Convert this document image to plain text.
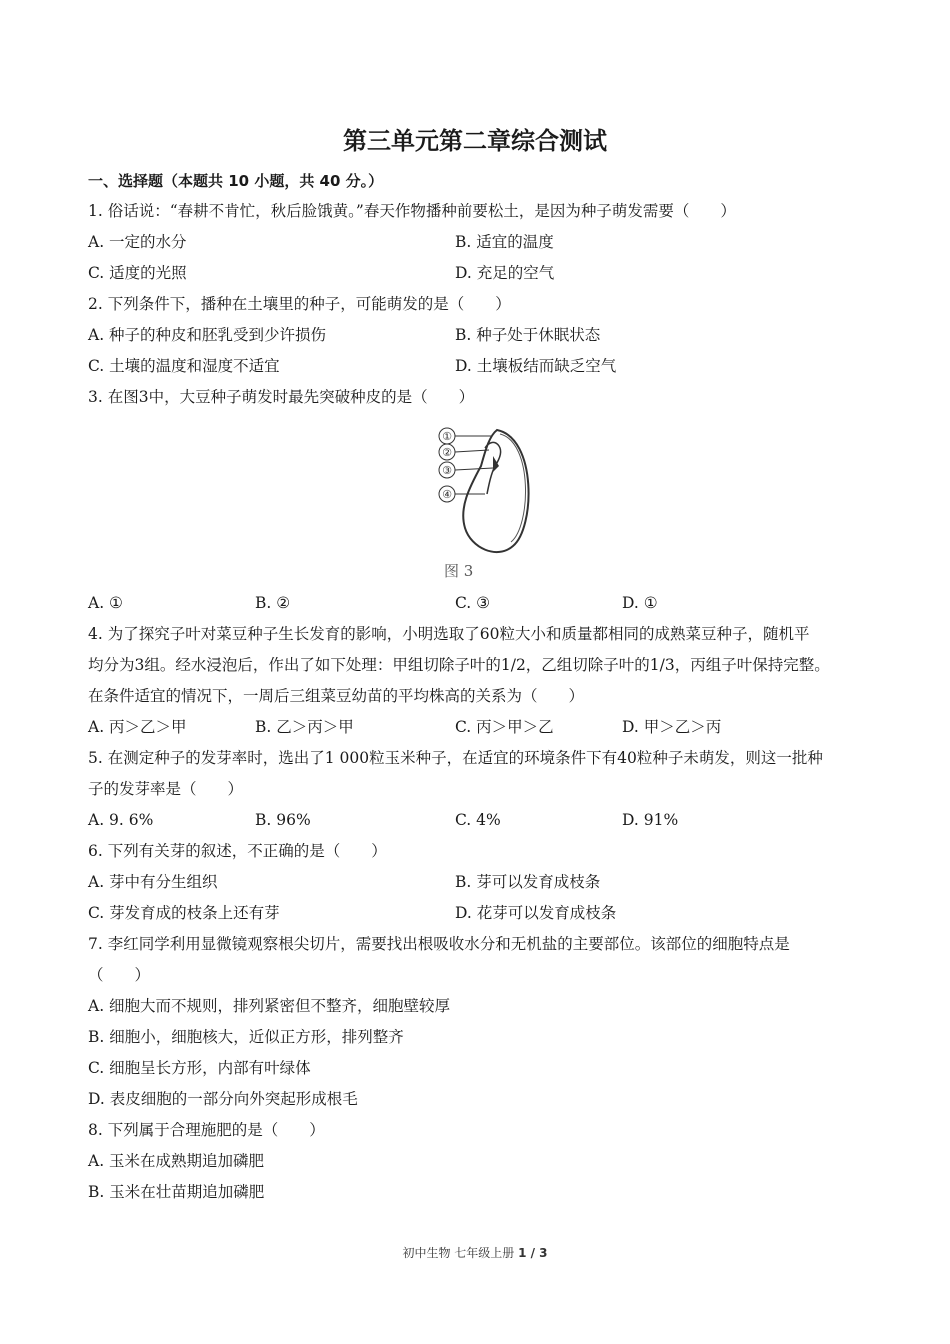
第三单元第二章综合测试
一、选择题（本题共 10 小题，共 40 分。）
1. 俗话说：“春耕不肯忙，秋后脸饿黄。”春天作物播种前要松土，是因为种子萌发需要（　　）
A. 一定的水分	B. 适宜的温度
C. 适度的光照	D. 充足的空气
2. 下列条件下，播种在土壤里的种子，可能萌发的是（　　）
A. 种子的种皮和胚乳受到少许损伤	B. 种子处于休眠状态
C. 土壤的温度和湿度不适宜	D. 土壤板结而缺乏空气
3. 在图3中，大豆种子萌发时最先突破种皮的是（　　）
①
②
③
④
图 3
A. ①	B. ②	C. ③	D. ①
4. 为了探究子叶对菜豆种子生长发育的影响，小明选取了60粒大小和质量都相同的成熟菜豆种子，随机平
均分为3组。经水浸泡后，作出了如下处理：甲组切除子叶的1/2，乙组切除子叶的1/3，丙组子叶保持完整。
在条件适宜的情况下，一周后三组菜豆幼苗的平均株高的关系为（　　）
A. 丙＞乙＞甲	B. 乙＞丙＞甲	C. 丙＞甲＞乙	D. 甲＞乙＞丙
5. 在测定种子的发芽率时，选出了1 000粒玉米种子，在适宜的环境条件下有40粒种子未萌发，则这一批种
子的发芽率是（　　）
A. 9. 6%	B. 96%	C. 4%	D. 91%
6. 下列有关芽的叙述，不正确的是（　　）
A. 芽中有分生组织	B. 芽可以发育成枝条
C. 芽发育成的枝条上还有芽	D. 花芽可以发育成枝条
7. 李红同学利用显微镜观察根尖切片，需要找出根吸收水分和无机盐的主要部位。该部位的细胞特点是
（　　）
A. 细胞大而不规则，排列紧密但不整齐，细胞壁较厚
B. 细胞小，细胞核大，近似正方形，排列整齐
C. 细胞呈长方形，内部有叶绿体
D. 表皮细胞的一部分向外突起形成根毛
8. 下列属于合理施肥的是（　　）
A. 玉米在成熟期追加磷肥
B. 玉米在壮苗期追加磷肥
初中生物 七年级上册 1 / 3
